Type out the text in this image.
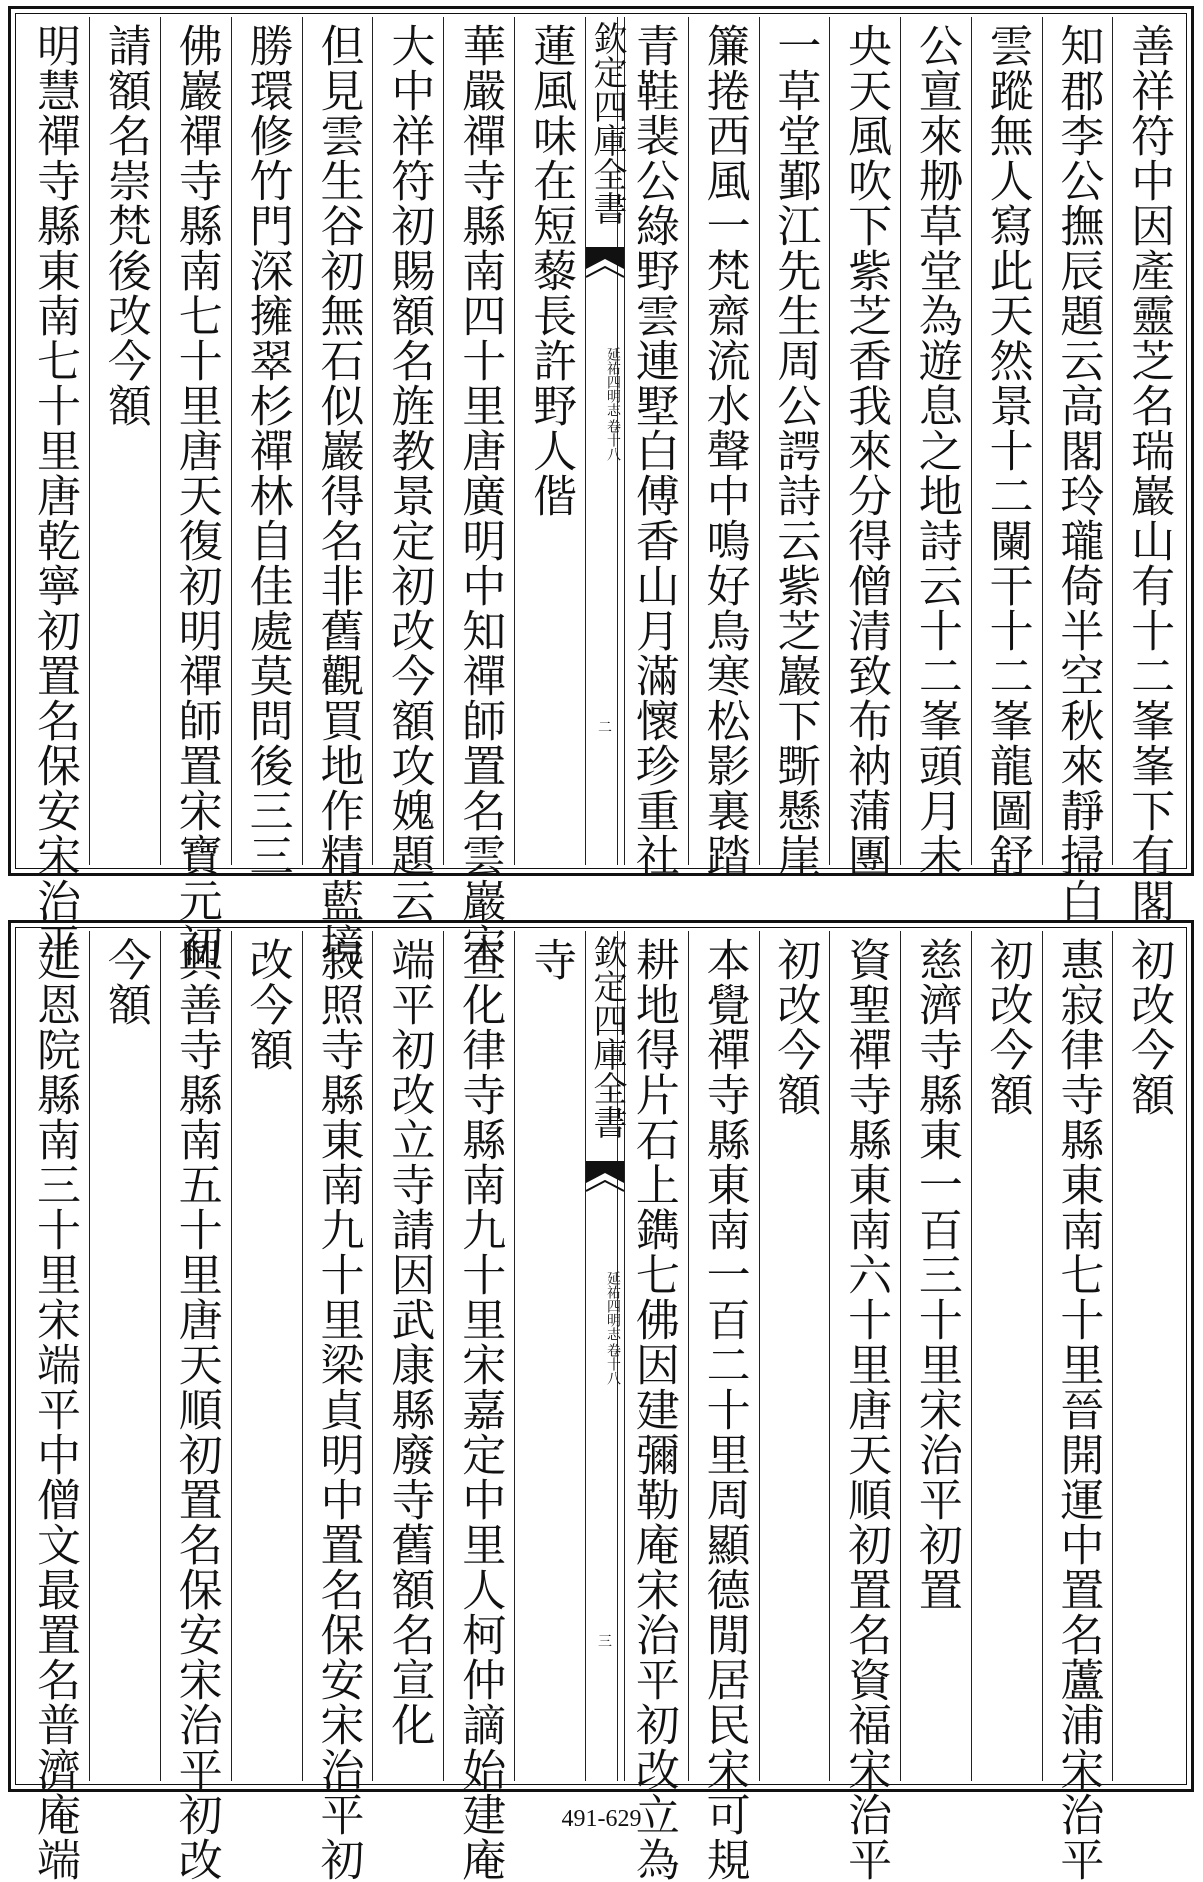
善祥符中因產靈芝名瑞巖山有十二峯峯下有閣
知郡李公撫辰題云高閣玲瓏倚半空秋來靜掃白
雲蹤無人寫此天然景十二闌干十二峯龍圖舒
公亶來刱草堂為遊息之地詩云十二峯頭月未
央天風吹下紫芝香我來分得僧清致布衲蒲團
一草堂鄞江先生周公諤詩云紫芝巖下斲懸崖
簾捲西風一梵齋流水聲中鳴好鳥寒松影裏踏
青鞋裴公綠野雲連墅白傅香山月滿懷珍重社
欽定四庫全書
延祐四明志
卷十八
二
蓮風味在短藜長許野人偕
華嚴禪寺縣南四十里唐廣明中知禪師置名雲巖宋
大中祥符初賜額名旌教景定初改今額攻媿題云
但見雲生谷初無石似巖得名非舊觀買地作精藍境
勝環修竹門深擁翠杉禪林自佳處莫問後三三
佛巖禪寺縣南七十里唐天復初明禪師置宋寶元初
請額名崇梵後改今額
明慧禪寺縣東南七十里唐乾寧初置名保安宋治平
初改今額
惠寂律寺縣東南七十里晉開運中置名蘆浦宋治平
初改今額
慈濟寺縣東一百三十里宋治平初置
資聖禪寺縣東南六十里唐天順初置名資福宋治平
初改今額
本覺禪寺縣東南一百二十里周顯德閒居民宋可規
耕地得片石上鐫七佛因建彌勒庵宋治平初改立為
欽定四庫全書
延祐四明志
卷十八
三
寺
宣化律寺縣南九十里宋嘉定中里人柯仲謫始建庵
端平初改立寺請因武康縣廢寺舊額名宣化
寂照寺縣東南九十里梁貞明中置名保安宋治平初
改今額
興善寺縣南五十里唐天順初置名保安宋治平初改
今額
延恩院縣南三十里宋端平中僧文最置名普濟庵端	491-629
